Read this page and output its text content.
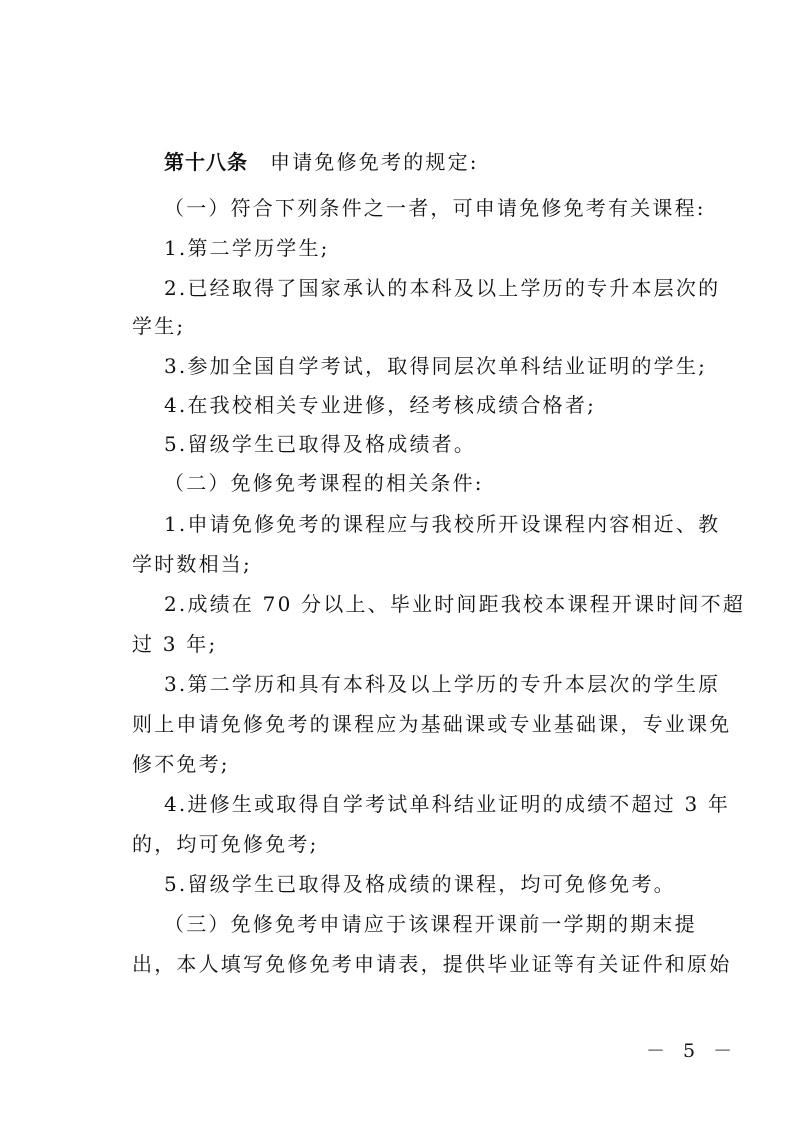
第十八条 申请免修免考的规定:
（一）符合下列条件之一者，可申请免修免考有关课程:
1.第二学历学生;
2.已经取得了国家承认的本科及以上学历的专升本层次的
学生;
3.参加全国自学考试，取得同层次单科结业证明的学生;
4.在我校相关专业进修，经考核成绩合格者;
5.留级学生已取得及格成绩者。
（二）免修免考课程的相关条件:
1.申请免修免考的课程应与我校所开设课程内容相近、教
学时数相当;
2.成绩在 70 分以上、毕业时间距我校本课程开课时间不超
过 3 年;
3.第二学历和具有本科及以上学历的专升本层次的学生原
则上申请免修免考的课程应为基础课或专业基础课，专业课免
修不免考;
4.进修生或取得自学考试单科结业证明的成绩不超过 3 年
的，均可免修免考;
5.留级学生已取得及格成绩的课程，均可免修免考。
（三）免修免考申请应于该课程开课前一学期的期末提
出，本人填写免修免考申请表，提供毕业证等有关证件和原始
－ 5 －
